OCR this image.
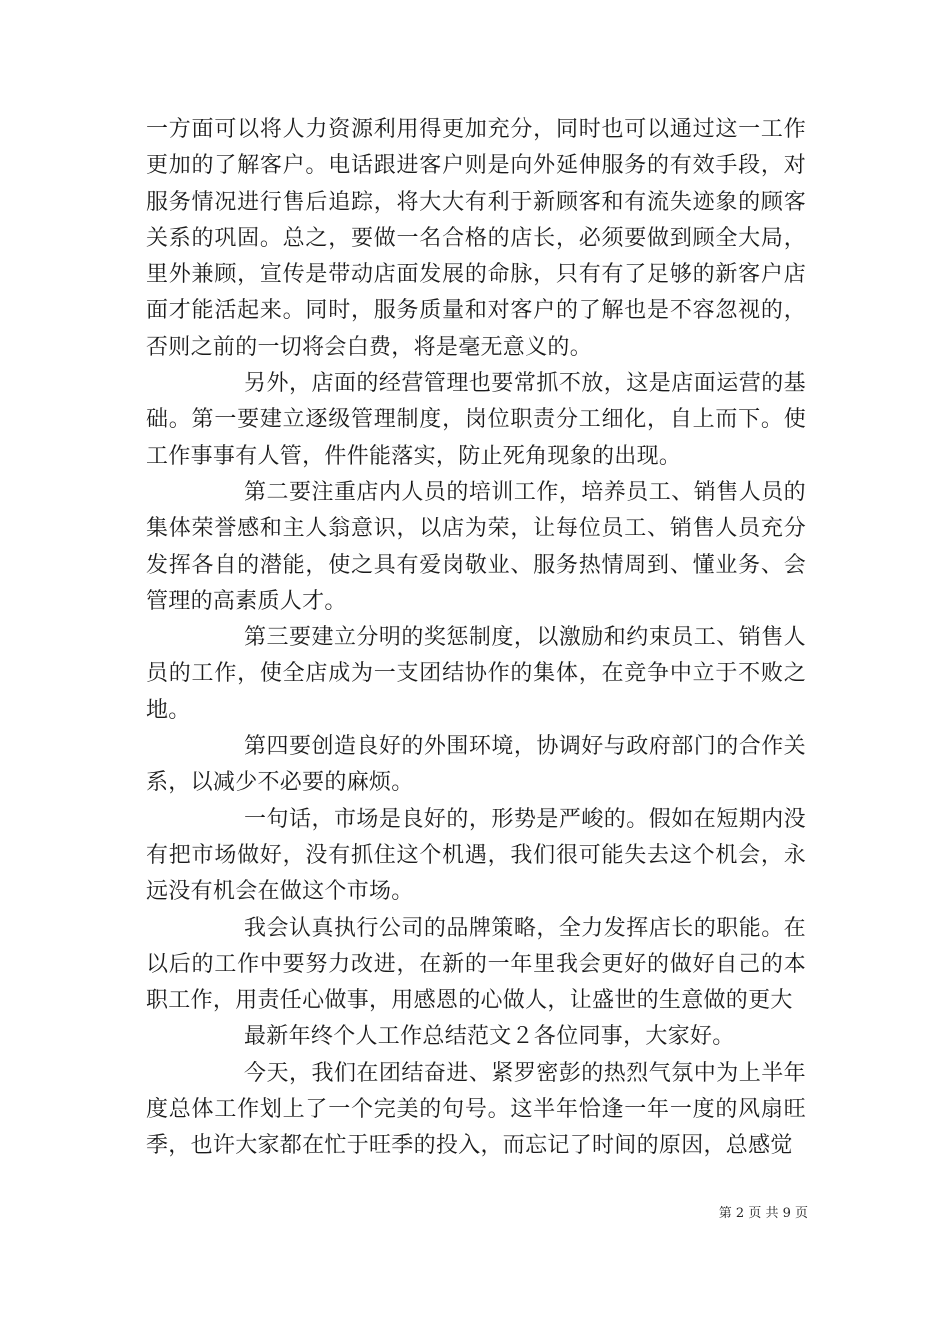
一方面可以将人力资源利用得更加充分，同时也可以通过这一工作更加的了解客户。电话跟进客户则是向外延伸服务的有效手段，对服务情况进行售后追踪，将大大有利于新顾客和有流失迹象的顾客关系的巩固。总之，要做一名合格的店长，必须要做到顾全大局，里外兼顾，宣传是带动店面发展的命脉，只有有了足够的新客户店面才能活起来。同时，服务质量和对客户的了解也是不容忽视的，否则之前的一切将会白费，将是毫无意义的。

另外，店面的经营管理也要常抓不放，这是店面运营的基础。第一要建立逐级管理制度，岗位职责分工细化，自上而下。使工作事事有人管，件件能落实，防止死角现象的出现。

第二要注重店内人员的培训工作，培养员工、销售人员的集体荣誉感和主人翁意识，以店为荣，让每位员工、销售人员充分发挥各自的潜能，使之具有爱岗敬业、服务热情周到、懂业务、会管理的高素质人才。

第三要建立分明的奖惩制度，以激励和约束员工、销售人员的工作，使全店成为一支团结协作的集体，在竞争中立于不败之地。

第四要创造良好的外围环境，协调好与政府部门的合作关系，以减少不必要的麻烦。

一句话，市场是良好的，形势是严峻的。假如在短期内没有把市场做好，没有抓住这个机遇，我们很可能失去这个机会，永远没有机会在做这个市场。

我会认真执行公司的品牌策略，全力发挥店长的职能。在以后的工作中要努力改进，在新的一年里我会更好的做好自己的本职工作，用责任心做事，用感恩的心做人，让盛世的生意做的更大

最新年终个人工作总结范文２各位同事，大家好。

今天，我们在团结奋进、紧罗密彭的热烈气氛中为上半年度总体工作划上了一个完美的句号。这半年恰逢一年一度的风扇旺季，也许大家都在忙于旺季的投入，而忘记了时间的原因，总感觉

第 2 页 共 9 页
